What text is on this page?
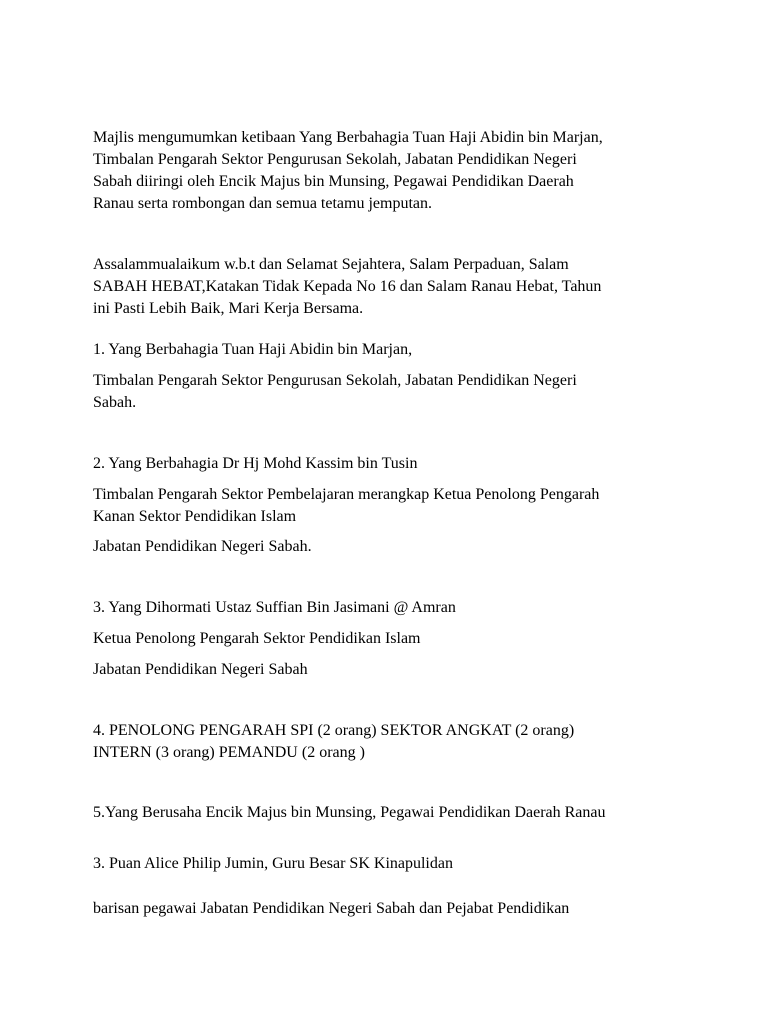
Majlis mengumumkan ketibaan Yang Berbahagia Tuan Haji Abidin bin Marjan,
Timbalan Pengarah Sektor Pengurusan Sekolah, Jabatan Pendidikan Negeri
Sabah diiringi oleh Encik Majus bin Munsing, Pegawai Pendidikan Daerah
Ranau serta rombongan dan semua tetamu jemputan.
Assalammualaikum w.b.t dan Selamat Sejahtera, Salam Perpaduan, Salam
SABAH HEBAT,Katakan Tidak Kepada No 16 dan Salam Ranau Hebat, Tahun
ini Pasti Lebih Baik, Mari Kerja Bersama.
1. Yang Berbahagia Tuan Haji Abidin bin Marjan,
Timbalan Pengarah Sektor Pengurusan Sekolah, Jabatan Pendidikan Negeri
Sabah.
2. Yang Berbahagia Dr Hj Mohd Kassim bin Tusin
Timbalan Pengarah Sektor Pembelajaran merangkap Ketua Penolong Pengarah
Kanan Sektor Pendidikan Islam
Jabatan Pendidikan Negeri Sabah.
3. Yang Dihormati Ustaz Suffian Bin Jasimani @ Amran
Ketua Penolong Pengarah Sektor Pendidikan Islam
Jabatan Pendidikan Negeri Sabah
4. PENOLONG PENGARAH SPI (2 orang) SEKTOR ANGKAT (2 orang)
INTERN (3 orang) PEMANDU (2 orang )
5.Yang Berusaha Encik Majus bin Munsing, Pegawai Pendidikan Daerah Ranau
3. Puan Alice Philip Jumin, Guru Besar SK Kinapulidan
barisan pegawai Jabatan Pendidikan Negeri Sabah dan Pejabat Pendidikan
